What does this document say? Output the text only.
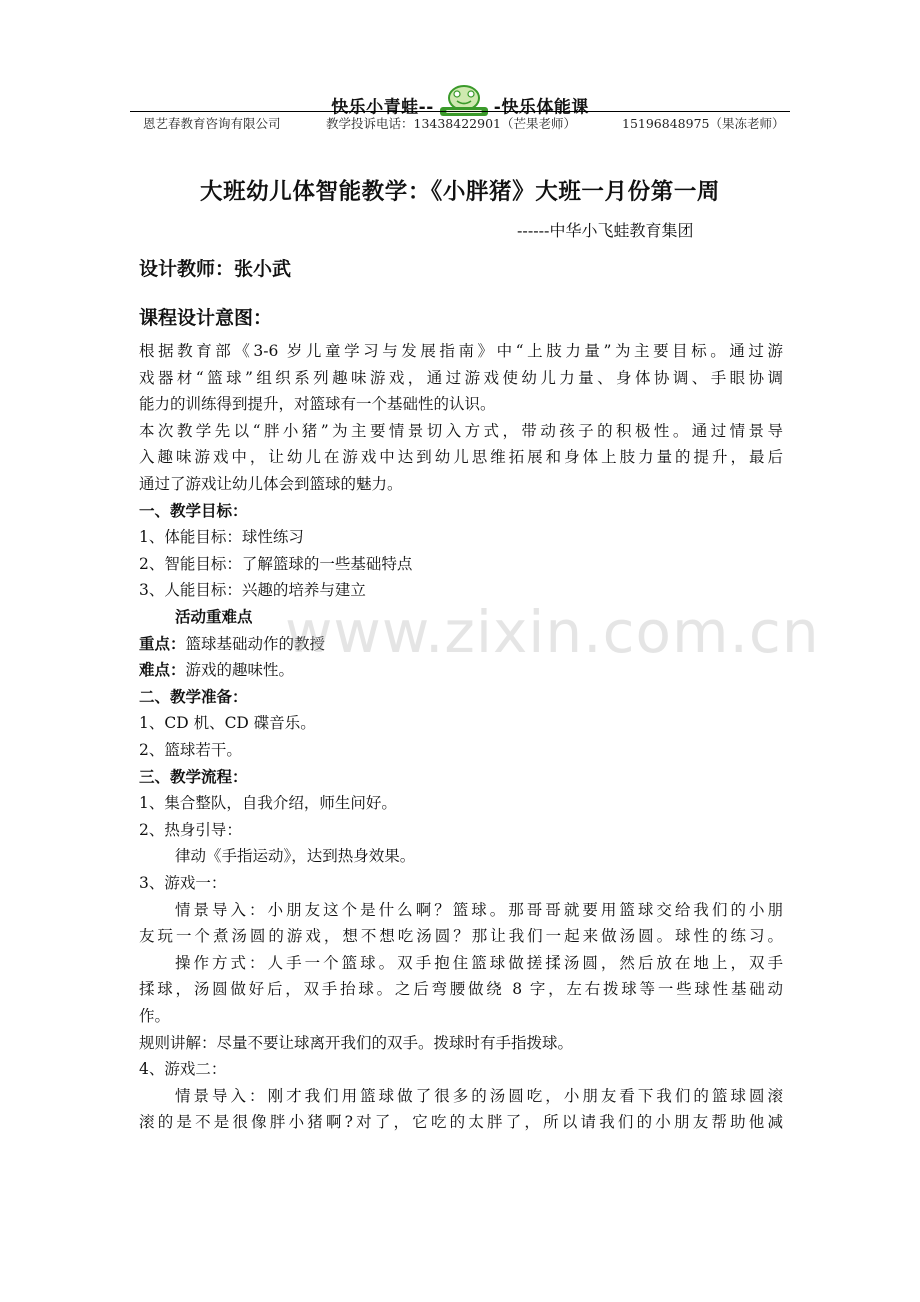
快乐小青蛙--	-快乐体能课
恩艺春教育咨询有限公司	教学投诉电话：13438422901（芒果老师）	15196848975（果冻老师）
大班幼儿体智能教学：《小胖猪》大班一月份第一周
------中华小飞蛙教育集团
设计教师：张小武
课程设计意图：
根据教育部《3-6 岁儿童学习与发展指南》中“上肢力量”为主要目标。通过游
戏器材“篮球”组织系列趣味游戏，通过游戏使幼儿力量、身体协调、手眼协调
能力的训练得到提升，对篮球有一个基础性的认识。
本次教学先以“胖小猪”为主要情景切入方式，带动孩子的积极性。通过情景导
入趣味游戏中，让幼儿在游戏中达到幼儿思维拓展和身体上肢力量的提升，最后
通过了游戏让幼儿体会到篮球的魅力。
一、教学目标：
1、体能目标：球性练习
2、智能目标：了解篮球的一些基础特点
3、人能目标：兴趣的培养与建立
活动重难点
重点：篮球基础动作的教授
难点：游戏的趣味性。
二、教学准备：
1、CD 机、CD 碟音乐。
2、篮球若干。
三、教学流程：
1、集合整队，自我介绍，师生问好。
2、热身引导：
律动《手指运动》，达到热身效果。
3、游戏一：
情景导入：小朋友这个是什么啊？篮球。那哥哥就要用篮球交给我们的小朋
友玩一个煮汤圆的游戏，想不想吃汤圆？那让我们一起来做汤圆。球性的练习。
操作方式：人手一个篮球。双手抱住篮球做搓揉汤圆，然后放在地上，双手
揉球，汤圆做好后，双手抬球。之后弯腰做绕 8 字，左右拨球等一些球性基础动
作。
规则讲解：尽量不要让球离开我们的双手。拨球时有手指拨球。
4、游戏二：
情景导入：刚才我们用篮球做了很多的汤圆吃，小朋友看下我们的篮球圆滚
滚的是不是很像胖小猪啊?对了，它吃的太胖了，所以请我们的小朋友帮助他减
www.zixin.com.cn
